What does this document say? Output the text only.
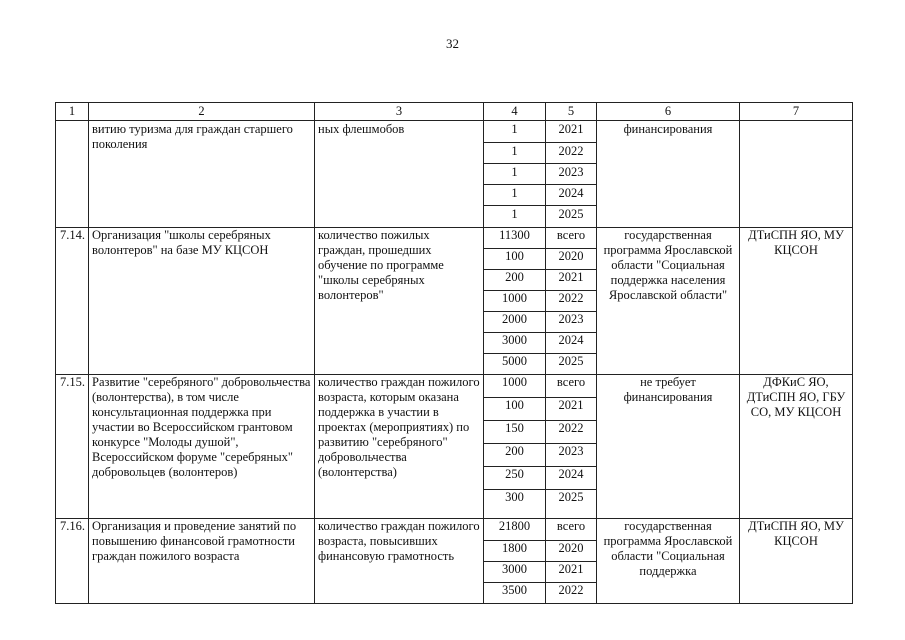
32
1	2	3	4	5	6	7
	витию туризма для граждан старшего поколения	ных флешмобов	1	2021	финансирования	
			1	2022		
			1	2023		
			1	2024		
			1	2025		
7.14.	Организация "школы серебряных волонтеров" на базе МУ КЦСОН	количество пожилых граждан, прошедших обучение по программе "школы серебряных волонтеров"	11300	всего	государственная программа Ярославской области "Социальная поддержка населения Ярославской области"	ДТиСПН ЯО, МУ КЦСОН
			100	2020		
			200	2021		
			1000	2022		
			2000	2023		
			3000	2024		
			5000	2025		
7.15.	Развитие "серебряного" добровольчества (волонтерства), в том числе консультационная поддержка при участии во Всероссийском грантовом конкурсе "Молоды душой", Всероссийском форуме "серебряных" добровольцев (волонтеров)	количество граждан пожилого возраста, которым оказана поддержка в участии в проектах (мероприятиях) по развитию "серебряного" добровольчества (волонтерства)	1000	всего	не требует финансирования	ДФКиС ЯО, ДТиСПН ЯО, ГБУ СО, МУ КЦСОН
			100	2021		
			150	2022		
			200	2023		
			250	2024		
			300	2025		
7.16.	Организация и проведение занятий по повышению финансовой грамотности граждан пожилого возраста	количество граждан пожилого возраста, повысивших финансовую грамотность	21800	всего	государственная программа Ярославской области "Социальная поддержка	ДТиСПН ЯО, МУ КЦСОН
			1800	2020		
			3000	2021		
			3500	2022		
